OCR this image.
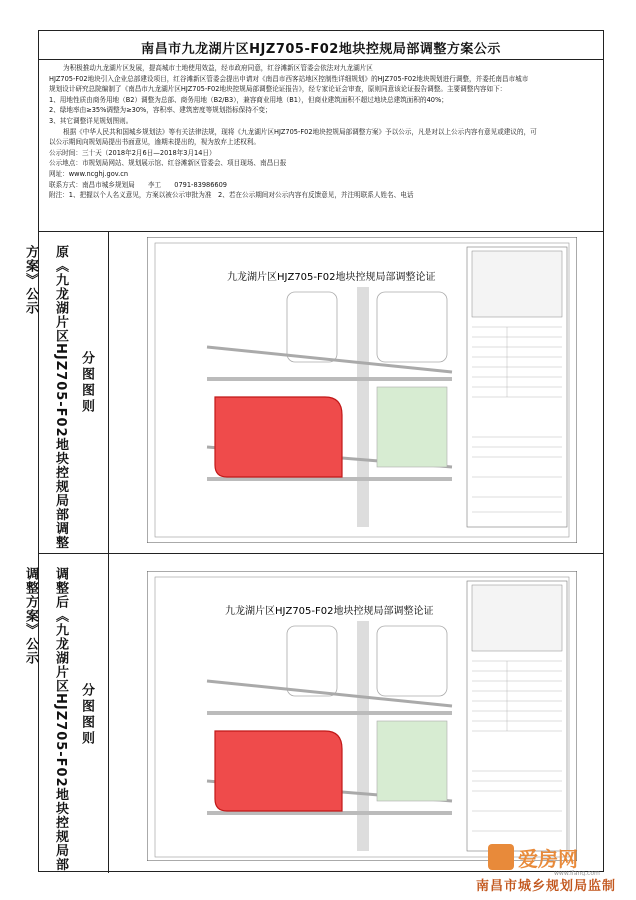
南昌市九龙湖片区HJZ705-F02地块控规局部调整方案公示

为积极推动九龙湖片区发展，提高城市土地使用效益，经市政府同意，红谷滩新区管委会依法对九龙湖片区

HJZ705-F02地块引入企业总部建设项目，红谷滩新区管委会提出申请对《南昌市西客站地区控制性详细规划》的HJZ705-F02地块规划进行调整，并委托南昌市城市

规划设计研究总院编制了《南昌市九龙湖片区HJZ705-F02地块控规局部调整论证报告》，经专家论证会审查，原则同意该论证报告调整。主要调整内容如下：

1、用地性质由商务用地（B2）调整为总部、商务用地（B2/B3），兼容商业用地（B1），但商业建筑面积不超过地块总建筑面积的40%；

2、绿地率由≥35%调整为≥30%，容积率、建筑密度等规划指标保持不变；

3、其它调整详见规划图则。

根据《中华人民共和国城乡规划法》等有关法律法规，现将《九龙湖片区HJZ705-F02地块控规局部调整方案》予以公示，凡是对以上公示内容有意见或建议的，可

以公示期间向规划局提出书面意见，逾期未提出的，视为放弃上述权利。

公示时间：三十天（2018年2月6日—2018年3月14日）

公示地点：市规划局网站、规划展示馆、红谷滩新区管委会、项目现场、南昌日报

网址：www.ncghj.gov.cn

联系方式：南昌市城乡规划局　　李工　　0791-83986609

附注：1、把握以个人名义意见，方案以被公示审批为准　2、若在公示期间对公示内容有反馈意见，并注明联系人姓名、电话

原《九龙湖片区HJZ705-F02地块控规局部调整方案》公示
分图图则
九龙湖片区HJZ705-F02地块控规局部调整论证
调整后《九龙湖片区HJZ705-F02地块控规局部调整方案》公示
分图图则
九龙湖片区HJZ705-F02地块控规局部调整论证
爱房网
www.ifang.com
南昌市城乡规划局监制
